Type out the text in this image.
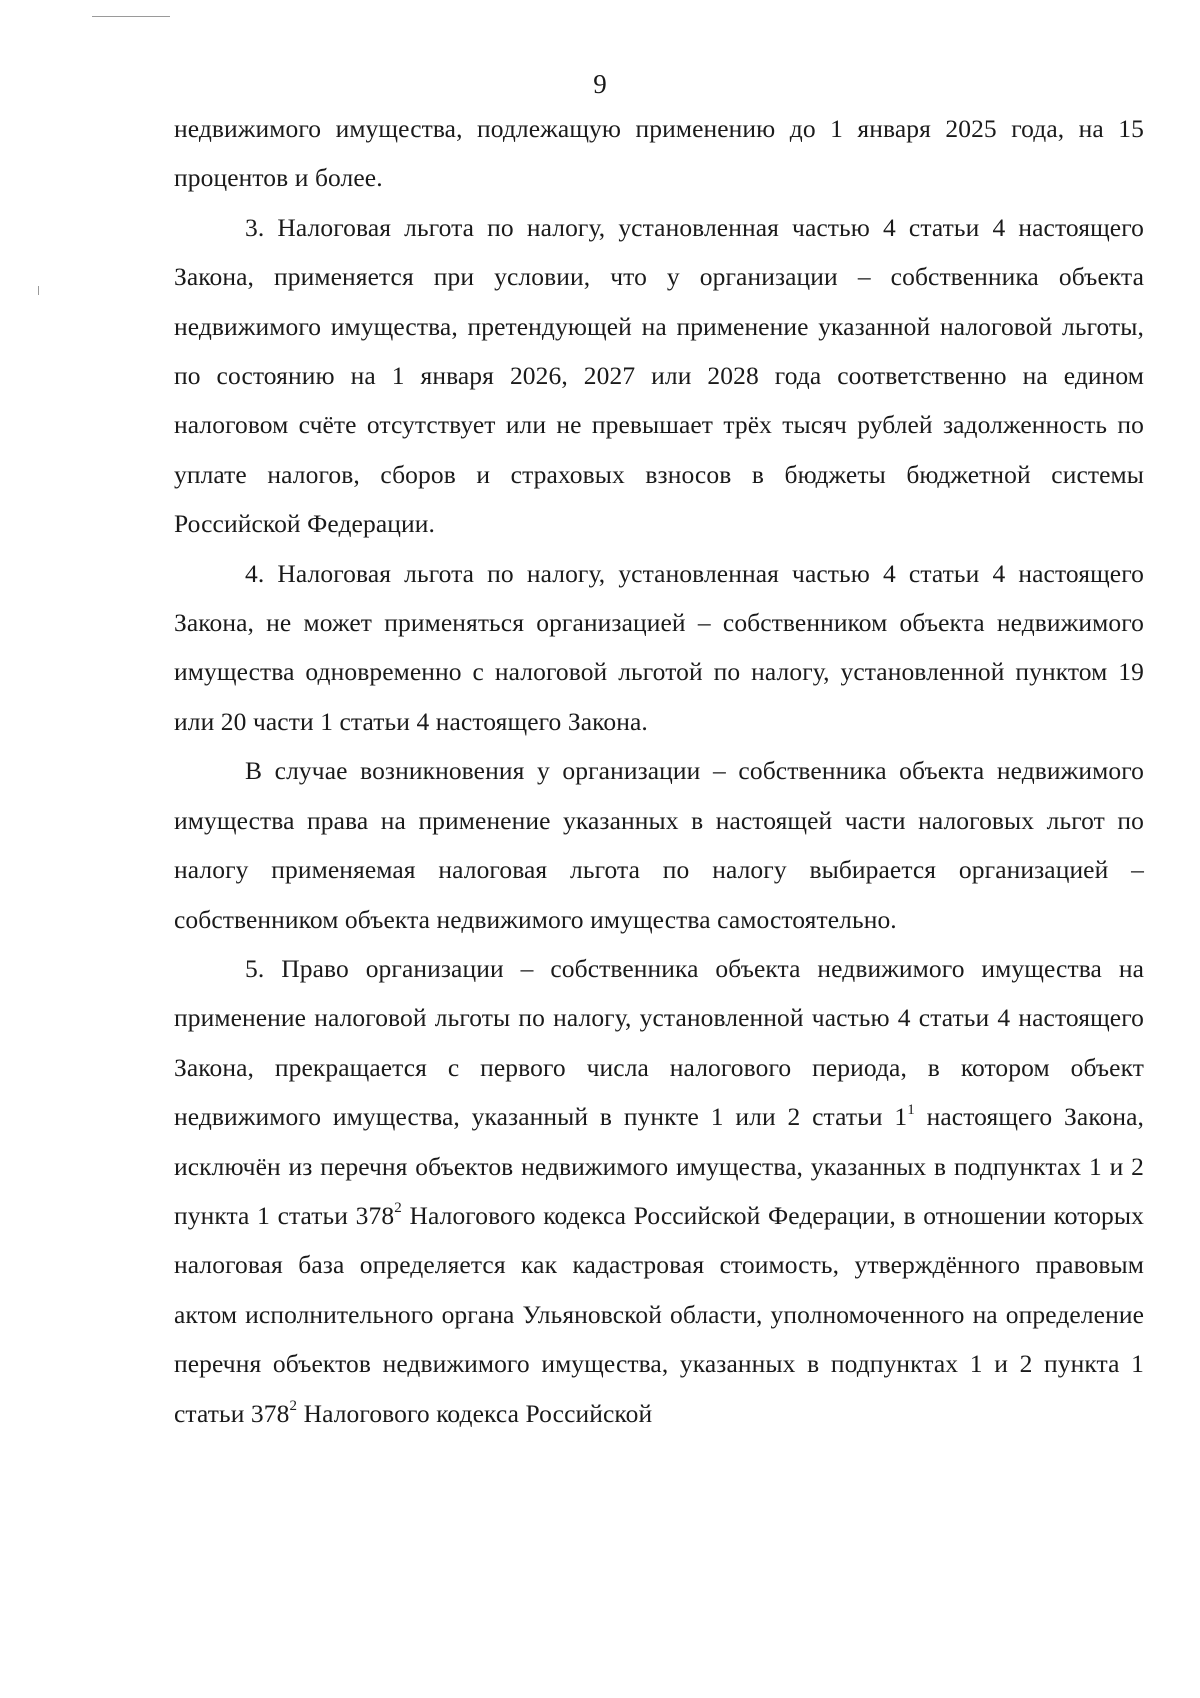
9

недвижимого имущества, подлежащую применению до 1 января 2025 года, на 15 процентов и более.

3. Налоговая льгота по налогу, установленная частью 4 статьи 4 настоящего Закона, применяется при условии, что у организации – собственника объекта недвижимого имущества, претендующей на применение указанной налоговой льготы, по состоянию на 1 января 2026, 2027 или 2028 года соответственно на едином налоговом счёте отсутствует или не превышает трёх тысяч рублей задолженность по уплате налогов, сборов и страховых взносов в бюджеты бюджетной системы Российской Федерации.

4. Налоговая льгота по налогу, установленная частью 4 статьи 4 настоящего Закона, не может применяться организацией – собственником объекта недвижимого имущества одновременно с налоговой льготой по налогу, установленной пунктом 19 или 20 части 1 статьи 4 настоящего Закона.

В случае возникновения у организации – собственника объекта недвижимого имущества права на применение указанных в настоящей части налоговых льгот по налогу применяемая налоговая льгота по налогу выбирается организацией – собственником объекта недвижимого имущества самостоятельно.

5. Право организации – собственника объекта недвижимого имущества на применение налоговой льготы по налогу, установленной частью 4 статьи 4 настоящего Закона, прекращается с первого числа налогового периода, в котором объект недвижимого имущества, указанный в пункте 1 или 2 статьи $1^1$ настоящего Закона, исключён из перечня объектов недвижимого имущества, указанных в подпунктах 1 и 2 пункта 1 статьи $378^2$ Налогового кодекса Российской Федерации, в отношении которых налоговая база определяется как кадастровая стоимость, утверждённого правовым актом исполнительного органа Ульяновской области, уполномоченного на определение перечня объектов недвижимого имущества, указанных в подпунктах 1 и 2 пункта 1 статьи $378^2$ Налогового кодекса Российской
